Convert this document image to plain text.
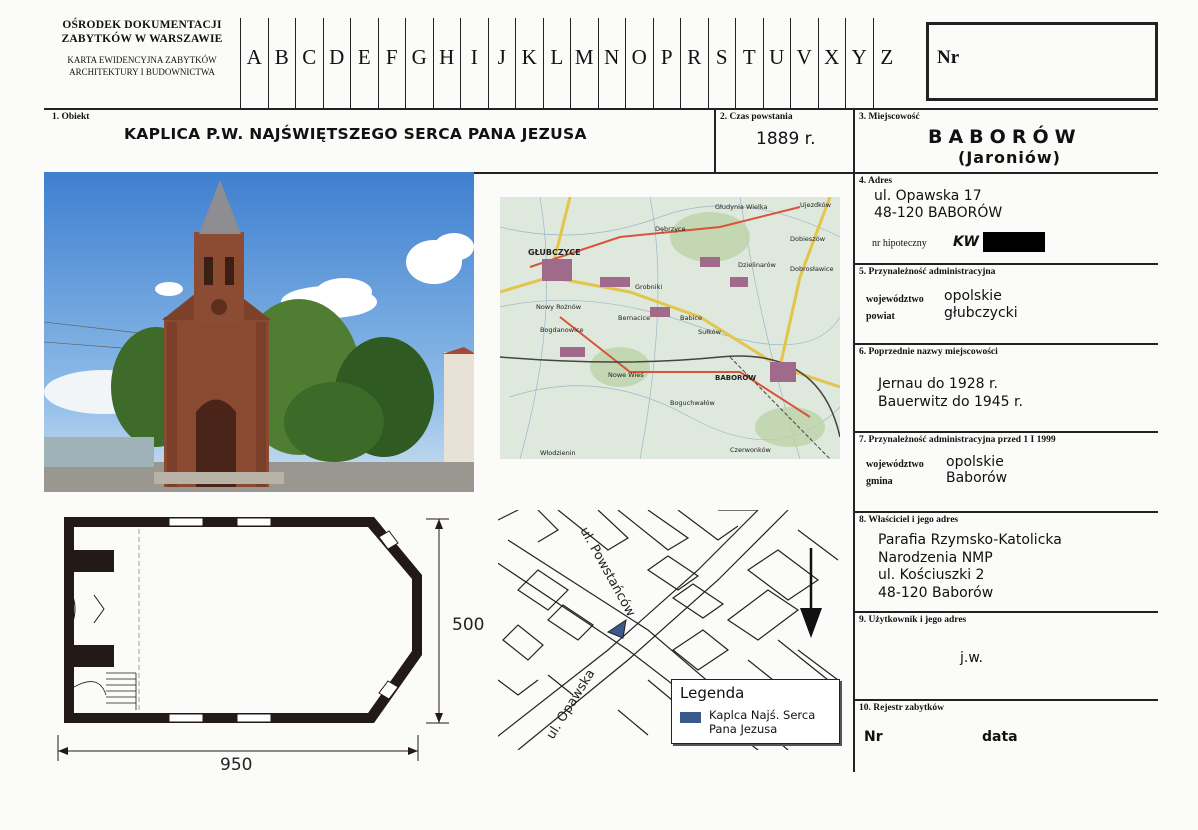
OŚRODEK DOKUMENTACJI
ZABYTKÓW W WARSZAWIE
KARTA EWIDENCYJNA ZABYTKÓW
ARCHITEKTURY I BUDOWNICTWA
A B C D E F G H I J K L M N O P R S T U V X Y Z	Nr
1. Obiekt
KAPLICA P.W. NAJŚWIĘTSZEGO SERCA PANA JEZUSA
2. Czas powstania
1889 r.
3. Miejscowość
BABORÓW
(Jaroniów)
4. Adres
ul. Opawska 17
48-120 BABORÓW
nr hipoteczny KW
5. Przynależność administracyjna
województwo opolskie
powiat	głubczycki
6. Poprzednie nazwy miejscowości
Jernau do 1928 r.
Bauerwitz do 1945 r.
7. Przynależność administracyjna przed 1 I 1999
województwo opolskie
gmina	Baborów
8. Właściciel i jego adres
Parafia Rzymsko-Katolicka
Narodzenia NMP
ul. Kościuszki 2
48-120 Baborów
9. Użytkownik i jego adres
j.w.
10. Rejestr zabytków
Nr	data
GŁUBCZYCE
BABORÓW
Dębrzyce
Grobniki
Bernacice	Babice
Bogdanowice
Nowe Wieś
Sułków
Boguchwałów
Dzielinarów
Nowy Rożnów
Włodzienin	Czerwonków
Dobieszów
Ujezdków
Głudynia Wielka
Dobrosławice
500
950
ul. Powstańców
ul. Opawska	Legenda
Kaplca Najś. Serca
Pana Jezusa
